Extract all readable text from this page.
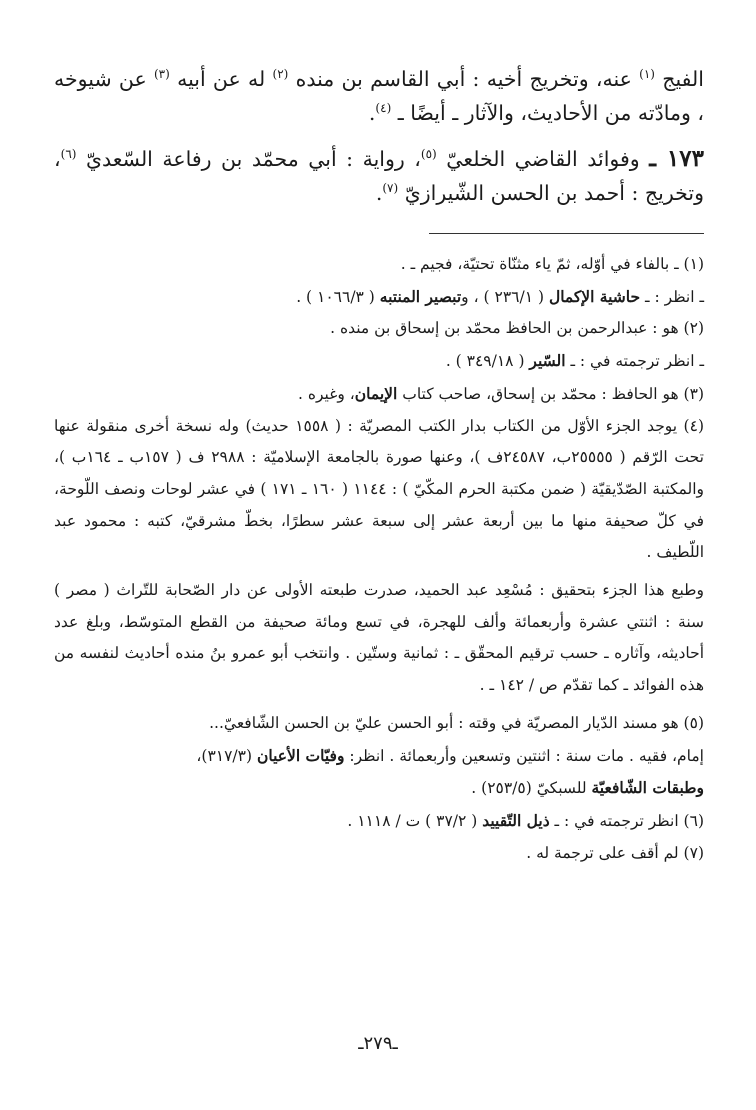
الفيج $^{(١)}$ عنه، وتخريج أخيه : أبي القاسم بن منده $^{(٢)}$ له عن أبيه $^{(٣)}$ عن شيوخه ، ومادّته من الأحاديث، والآثار ـ أيضًا ـ $^{(٤)}$.

١٧٣ ـ وفوائد القاضي الخلعيّ $^{(٥)}$، رواية : أبي محمّد بن رفاعة السّعديّ $^{(٦)}$، وتخريج : أحمد بن الحسن الشّيرازيّ $^{(٧)}$.

(١) ـ بالفاء في أوّله، ثمّ ياء مثنّاة تحتيّة، فجيم ـ .

ـ انظر : ـ حاشية الإكمال ( ٢٣٦/١ ) ، وتبصير المنتبه ( ١٠٦٦/٣ ) .

(٢) هو : عبدالرحمن بن الحافظ محمّد بن إسحاق بن منده .

ـ انظر ترجمته في : ـ السّير ( ٣٤٩/١٨ ) .

(٣) هو الحافظ : محمّد بن إسحاق، صاحب كتاب الإيمان، وغيره .

(٤) يوجد الجزء الأوّل من الكتاب بدار الكتب المصريّة : ( ١٥٥٨ حديث) وله نسخة أخرى منقولة عنها تحت الرّقم ( ٢٥٥٥٥ب، ٢٤٥٨٧ف )، وعنها صورة بالجامعة الإسلاميّة : ٢٩٨٨ ف ( ١٥٧ب ـ ١٦٤ب )، والمكتبة الصّدّيقيّة ( ضمن مكتبة الحرم المكّيّ ) : ١١٤٤ ( ١٦٠ ـ ١٧١ ) في عشر لوحات ونصف اللّوحة، في كلّ صحيفة منها ما بين أربعة عشر إلى سبعة عشر سطرًا، بخطّ مشرقيّ، كتبه : محمود عبد اللّطيف .

وطبع هذا الجزء بتحقيق : مُسْعِد عبد الحميد، صدرت طبعته الأولى عن دار الصّحابة للتّراث ( مصر ) سنة : اثنتي عشرة وأربعمائة وألف للهجرة، في تسع ومائة صحيفة من القطع المتوسّط، وبلغ عدد أحاديثه، وآثاره ـ حسب ترقيم المحقّق ـ : ثمانية وستّين . وانتخب أبو عمرو بنُ منده أحاديث لنفسه من هذه الفوائد ـ كما تقدّم ص / ١٤٢ ـ .

(٥) هو مسند الدّيار المصريّة في وقته : أبو الحسن عليّ بن الحسن الشّافعيّ...

إمام، فقيه . مات سنة : اثنتين وتسعين وأربعمائة . انظر: وفيّات الأعيان (٣١٧/٣)،

وطبقات الشّافعيّة للسبكيّ (٢٥٣/٥) .

(٦) انظر ترجمته في : ـ ذيل التّقييد ( ٣٧/٢ ) ت / ١١١٨ .

(٧) لم أقف على ترجمة له .

ـ٢٧٩ـ
